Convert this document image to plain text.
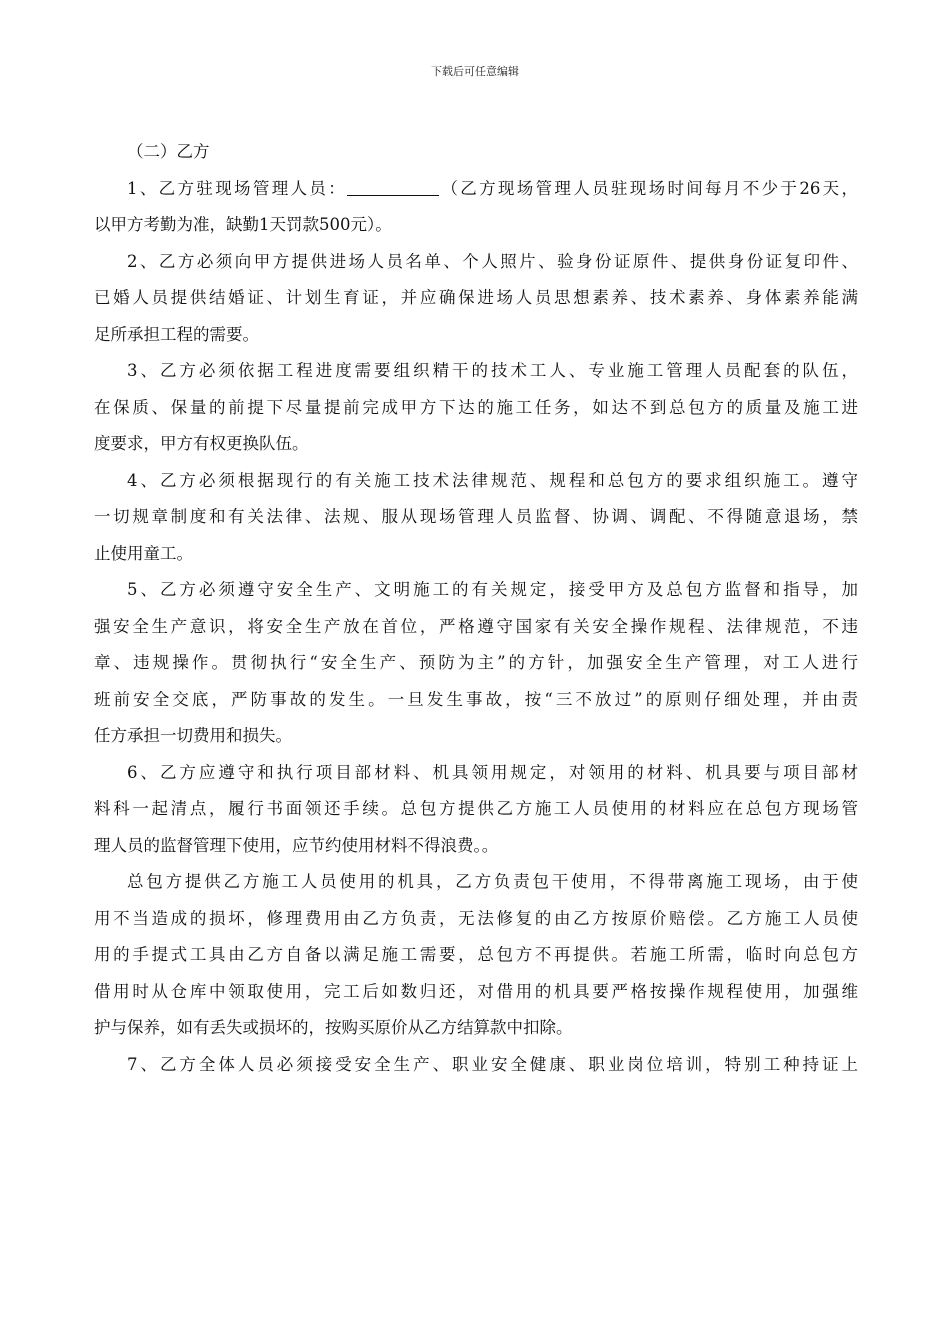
下载后可任意编辑
（二）乙方
1、乙方驻现场管理人员：	（乙方现场管理人员驻现场时间每月不少于26天，
以甲方考勤为准，缺勤1天罚款500元）。
2、乙方必须向甲方提供进场人员名单、个人照片、验身份证原件、提供身份证复印件、
已婚人员提供结婚证、计划生育证，并应确保进场人员思想素养、技术素养、身体素养能满
足所承担工程的需要。
3、乙方必须依据工程进度需要组织精干的技术工人、专业施工管理人员配套的队伍，
在保质、保量的前提下尽量提前完成甲方下达的施工任务，如达不到总包方的质量及施工进
度要求，甲方有权更换队伍。
4、乙方必须根据现行的有关施工技术法律规范、规程和总包方的要求组织施工。遵守
一切规章制度和有关法律、法规、服从现场管理人员监督、协调、调配、不得随意退场，禁
止使用童工。
5、乙方必须遵守安全生产、文明施工的有关规定，接受甲方及总包方监督和指导，加
强安全生产意识，将安全生产放在首位，严格遵守国家有关安全操作规程、法律规范，不违
章、违规操作。贯彻执行“安全生产、预防为主”的方针，加强安全生产管理，对工人进行
班前安全交底，严防事故的发生。一旦发生事故，按“三不放过”的原则仔细处理，并由责
任方承担一切费用和损失。
6、乙方应遵守和执行项目部材料、机具领用规定，对领用的材料、机具要与项目部材
料科一起清点，履行书面领还手续。总包方提供乙方施工人员使用的材料应在总包方现场管
理人员的监督管理下使用，应节约使用材料不得浪费。。
总包方提供乙方施工人员使用的机具，乙方负责包干使用，不得带离施工现场，由于使
用不当造成的损坏，修理费用由乙方负责，无法修复的由乙方按原价赔偿。乙方施工人员使
用的手提式工具由乙方自备以满足施工需要，总包方不再提供。若施工所需，临时向总包方
借用时从仓库中领取使用，完工后如数归还，对借用的机具要严格按操作规程使用，加强维
护与保养，如有丢失或损坏的，按购买原价从乙方结算款中扣除。
7、乙方全体人员必须接受安全生产、职业安全健康、职业岗位培训，特别工种持证上
